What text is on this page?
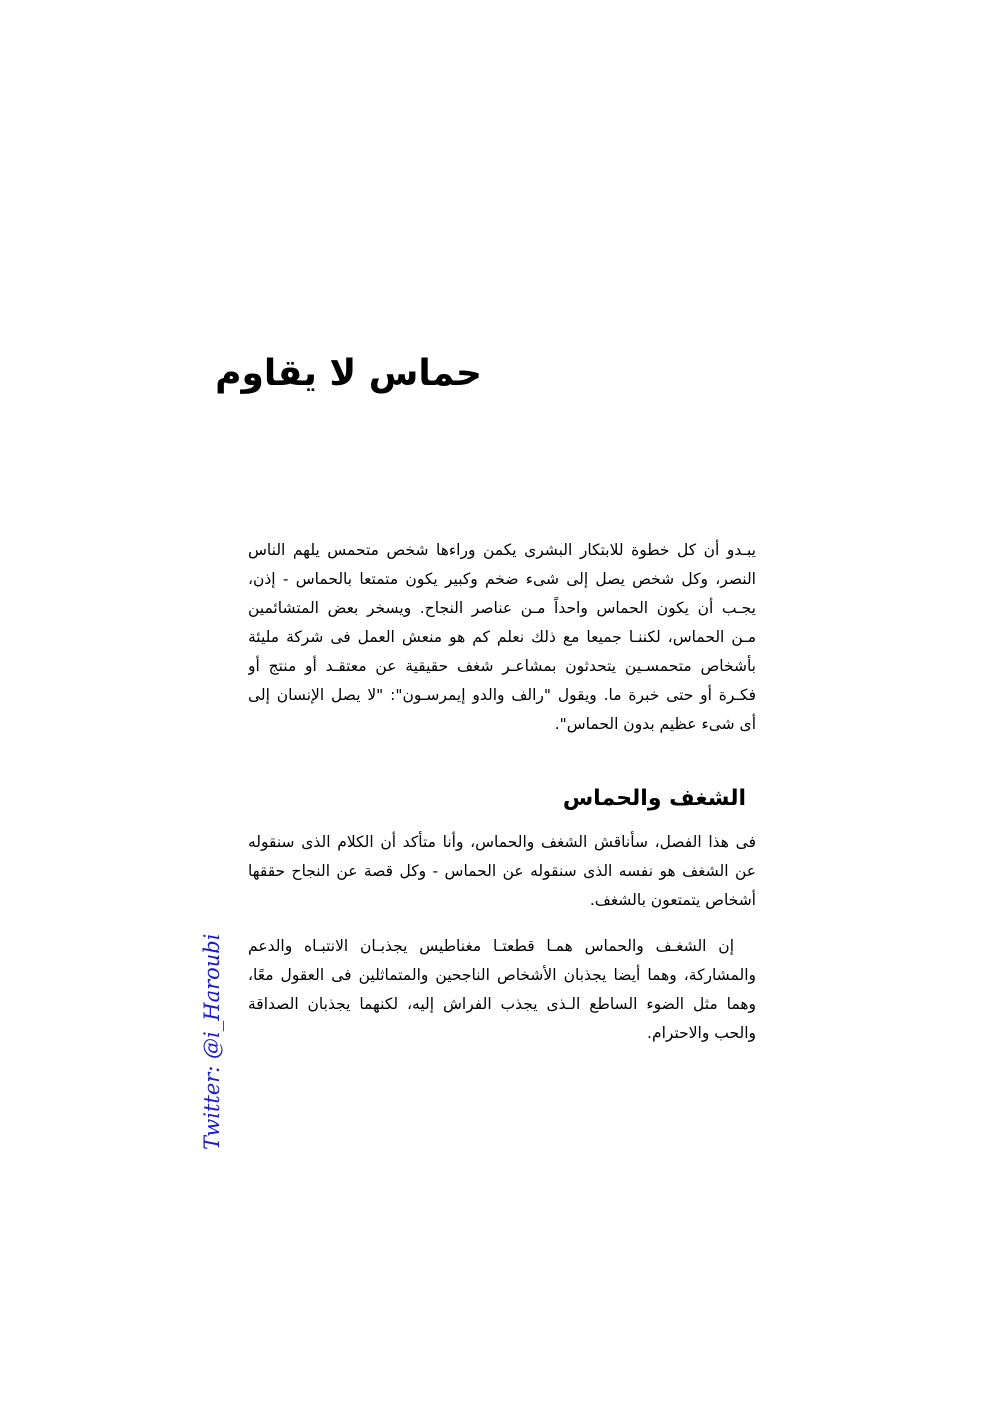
حماس لا يقاوم
يبـدو أن كل خطوة للابتكار البشرى يكمن وراءها شخص متحمس يلهم الناس
النصر، وكل شخص يصل إلى شىء ضخم وكبير يكون متمتعا بالحماس - إذن،
يجـب أن يكون الحماس واحداً مـن عناصر النجاح. ويسخر بعض المتشائمين
مـن الحماس، لكننـا جميعا مع ذلك نعلم كم هو منعش العمل فى شركة مليئة
بأشخاص متحمسـين يتحدثون بمشاعـر شغف حقيقية عن معتقـد أو منتج أو
فكـرة أو حتى خبرة ما. ويقول "رالف والدو إيمرسـون": "لا يصل الإنسان إلى
أى شىء عظيم بدون الحماس".
الشغف والحماس
فى هذا الفصل، سأناقش الشغف والحماس، وأنا متأكد أن الكلام الذى سنقوله
عن الشغف هو نفسه الذى سنقوله عن الحماس - وكل قصة عن النجاح حققها
أشخاص يتمتعون بالشغف.
إن الشغـف والحماس همـا قطعتـا مغناطيس يجذبـان الانتبـاه والدعم
والمشاركة، وهما أيضا يجذبان الأشخاص الناجحين والمتماثلين فى العقول معًا،
وهما مثل الضوء الساطع الـذى يجذب الفراش إليه، لكنهما يجذبان الصداقة
والحب والاحترام.
Twitter: @i_Haroubi
